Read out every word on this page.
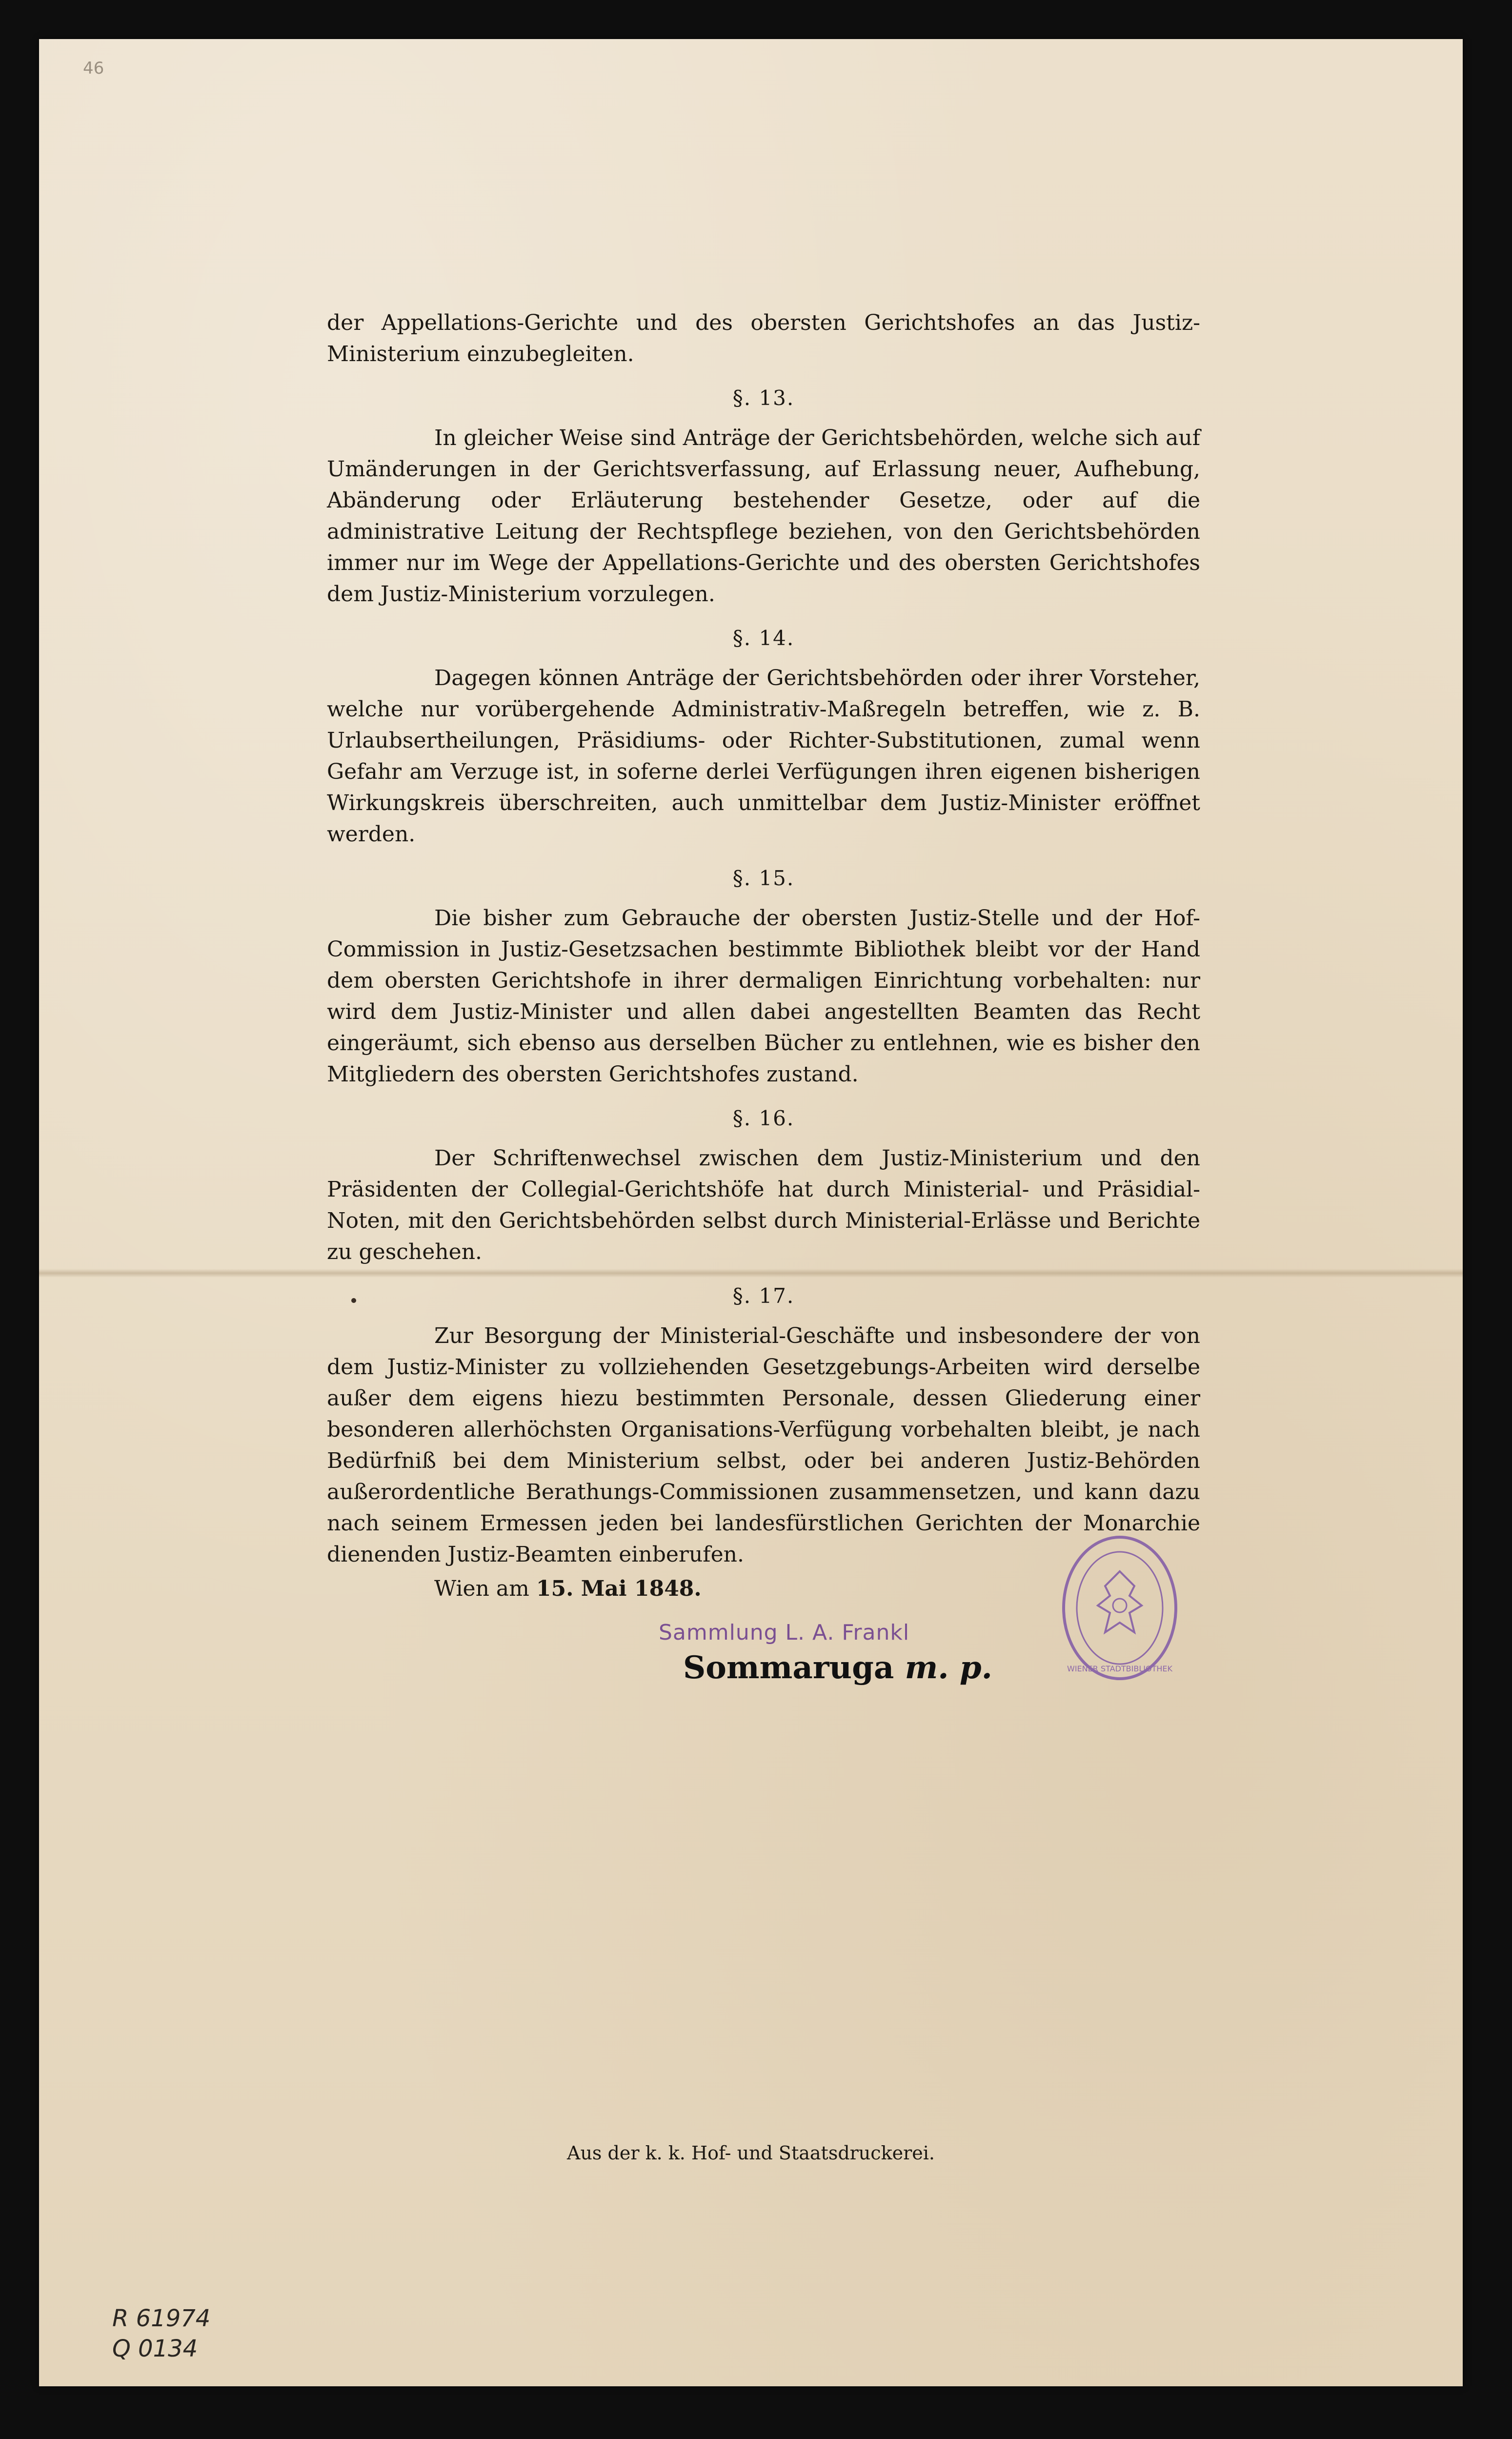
46

der Appellations-Gerichte und des obersten Gerichtshofes an das Justiz-Ministerium einzubegleiten.

§. 13.

In gleicher Weise sind Anträge der Gerichtsbehörden, welche sich auf Umänderungen in der Gerichtsverfassung, auf Erlassung neuer, Aufhebung, Abänderung oder Erläuterung bestehender Gesetze, oder auf die administrative Leitung der Rechtspflege beziehen, von den Gerichtsbehörden immer nur im Wege der Appellations-Gerichte und des obersten Gerichtshofes dem Justiz-Ministerium vorzulegen.

§. 14.

Dagegen können Anträge der Gerichtsbehörden oder ihrer Vorsteher, welche nur vorübergehende Administrativ-Maßregeln betreffen, wie z. B. Urlaubsertheilungen, Präsidiums- oder Richter-Substitutionen, zumal wenn Gefahr am Verzuge ist, in soferne derlei Verfügungen ihren eigenen bisherigen Wirkungskreis überschreiten, auch unmittelbar dem Justiz-Minister eröffnet werden.

§. 15.

Die bisher zum Gebrauche der obersten Justiz-Stelle und der Hof-Commission in Justiz-Gesetzsachen bestimmte Bibliothek bleibt vor der Hand dem obersten Gerichtshofe in ihrer dermaligen Einrichtung vorbehalten: nur wird dem Justiz-Minister und allen dabei angestellten Beamten das Recht eingeräumt, sich ebenso aus derselben Bücher zu entlehnen, wie es bisher den Mitgliedern des obersten Gerichtshofes zustand.

§. 16.

Der Schriftenwechsel zwischen dem Justiz-Ministerium und den Präsidenten der Collegial-Gerichtshöfe hat durch Ministerial- und Präsidial-Noten, mit den Gerichtsbehörden selbst durch Ministerial-Erlässe und Berichte zu geschehen.

§. 17.

Zur Besorgung der Ministerial-Geschäfte und insbesondere der von dem Justiz-Minister zu vollziehenden Gesetzgebungs-Arbeiten wird derselbe außer dem eigens hiezu bestimmten Personale, dessen Gliederung einer besonderen allerhöchsten Organisations-Verfügung vorbehalten bleibt, je nach Bedürfniß bei dem Ministerium selbst, oder bei anderen Justiz-Behörden außerordentliche Berathungs-Commissionen zusammensetzen, und kann dazu nach seinem Ermessen jeden bei landesfürstlichen Gerichten der Monarchie dienenden Justiz-Beamten einberufen.

Wien am 15. Mai 1848.

WIENER STADTBIBLIOTHEK
Sammlung L. A. Frankl
Sommaruga m. p.
Aus der k. k. Hof- und Staatsdruckerei.
R 61974
Q 0134
